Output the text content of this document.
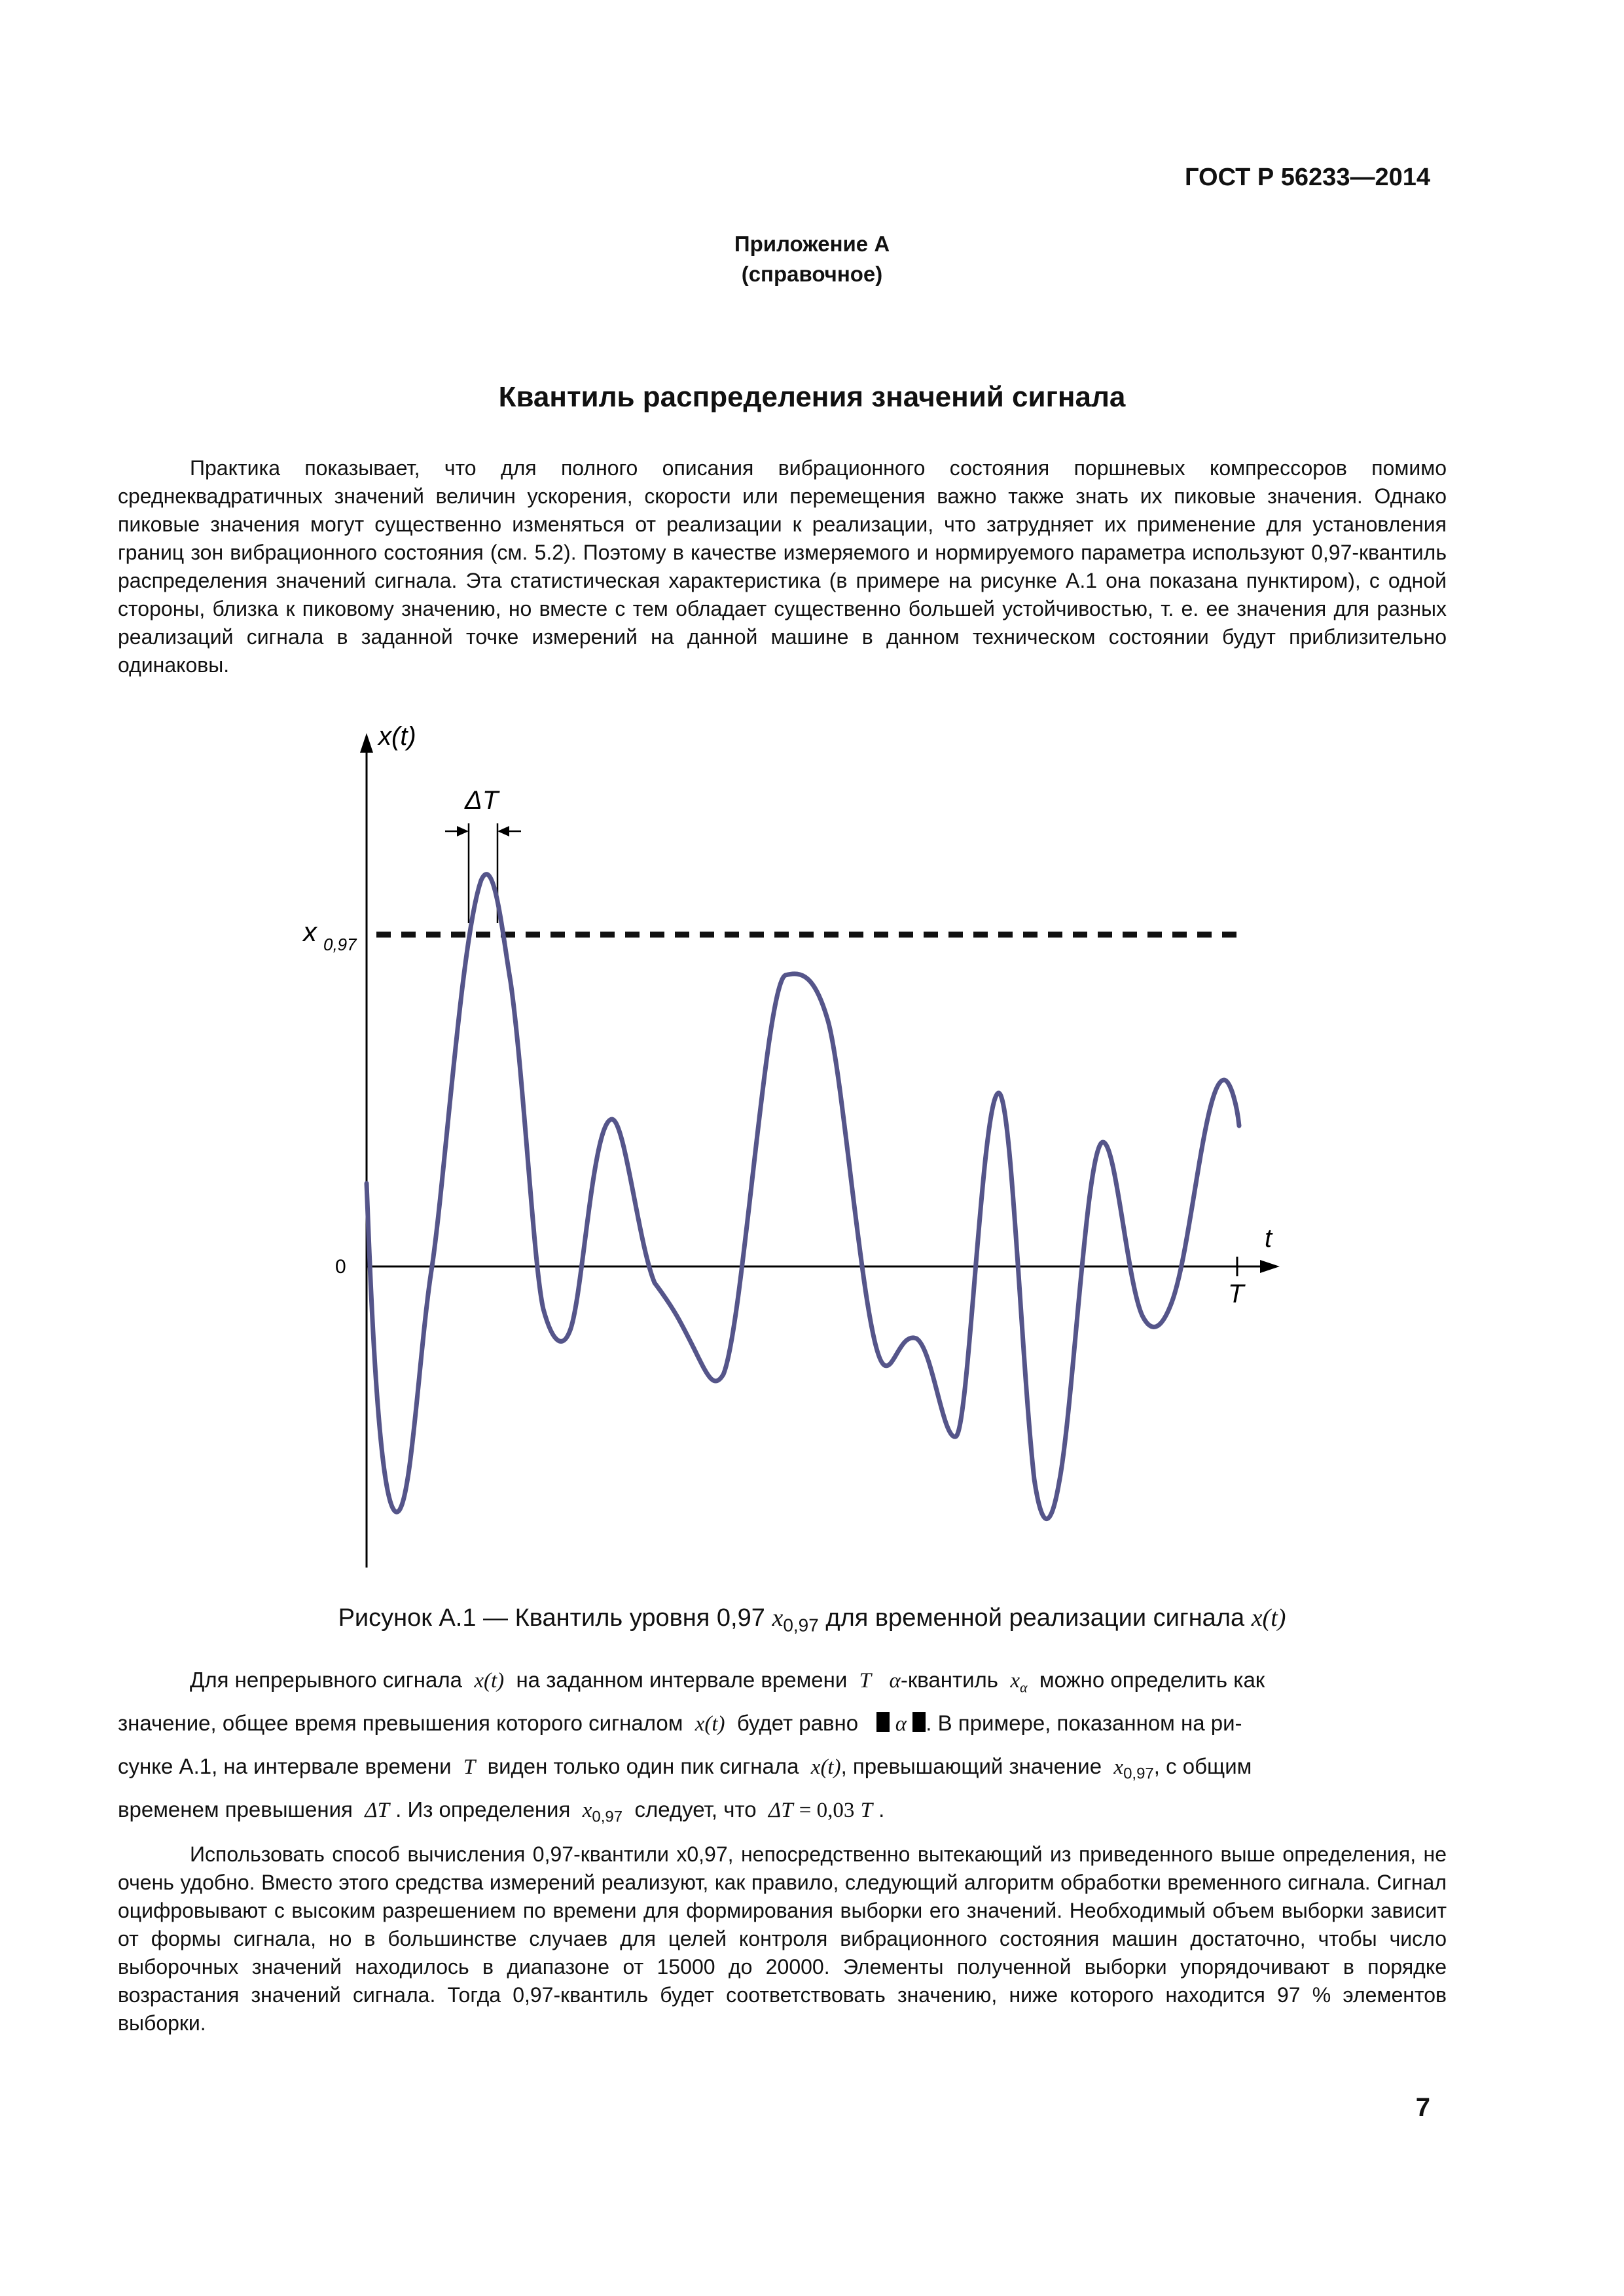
ГОСТ Р 56233—2014
Приложение А
(справочное)
Квантиль распределения значений сигнала

Практика показывает, что для полного описания вибрационного состояния поршневых компрессоров помимо среднеквадратичных значений величин ускорения, скорости или перемещения важно также знать их пиковые значения. Однако пиковые значения могут существенно изменяться от реализации к реализации, что затрудняет их применение для установления границ зон вибрационного состояния (см. 5.2). Поэтому в качестве измеряемого и нормируемого параметра используют 0,97-квантиль распределения значений сигнала. Эта статистическая характеристика (в примере на рисунке А.1 она показана пунктиром), с одной стороны, близка к пиковому значению, но вместе с тем обладает существенно большей устойчивостью, т. е. ее значения для разных реализаций сигнала в заданной точке измерений на данной машине в данном техническом состоянии будут приблизительно одинаковы.

x(t)
t
0
x 0,97
ΔT
T
Рисунок А.1 — Квантиль уровня 0,97 $x_{0,97}$ для временной реализации сигнала x(t)
Для непрерывного сигнала x(t) на заданном интервале времени T α-квантиль $x_\alpha$ можно определить как
значение, общее время превышения которого сигналом x(t) будет равно α . В примере, показанном на ри-
сунке А.1, на интервале времени T виден только один пик сигнала x(t), превышающий значение $x_{0,97}$, с общим
временем превышения ΔT . Из определения $x_{0,97}$ следует, что ΔT = 0,03 T .

Использовать способ вычисления 0,97-квантили x0,97, непосредственно вытекающий из приведенного выше определения, не очень удобно. Вместо этого средства измерений реализуют, как правило, следующий алгоритм обработки временного сигнала. Сигнал оцифровывают с высоким разрешением по времени для формирования выборки его значений. Необходимый объем выборки зависит от формы сигнала, но в большинстве случаев для целей контроля вибрационного состояния машин достаточно, чтобы число выборочных значений находилось в диапазоне от 15000 до 20000. Элементы полученной выборки упорядочивают в порядке возрастания значений сигнала. Тогда 0,97-квантиль будет соответствовать значению, ниже которого находится 97 % элементов выборки.

7
